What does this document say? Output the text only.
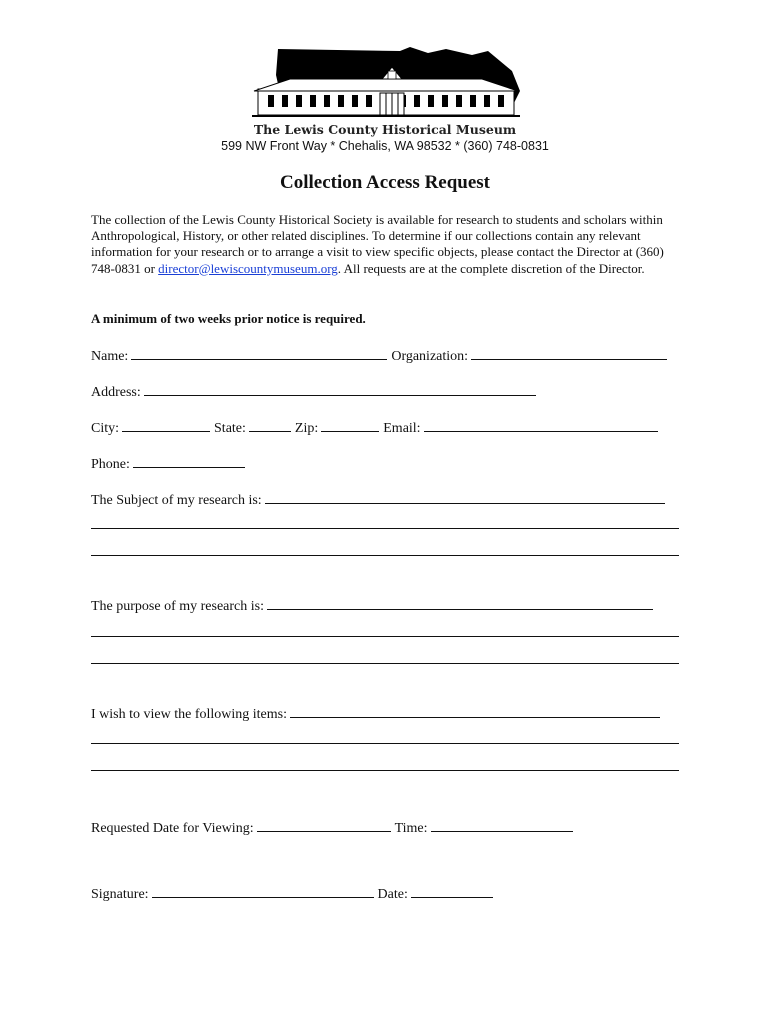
The Lewis County Historical Museum
599 NW Front Way * Chehalis, WA 98532 * (360) 748-0831
Collection Access Request

The collection of the Lewis County Historical Society is available for research to students and scholars within Anthropological, History, or other related disciplines. To determine if our collections contain any relevant information for your research or to arrange a visit to view specific objects, please contact the Director at (360) 748-0831 or director@lewiscountymuseum.org. All requests are at the complete discretion of the Director.

A minimum of two weeks prior notice is required.

Name:	Organization:
Address:
City:	State:	Zip:	Email:
Phone:
The Subject of my research is:
The purpose of my research is:
I wish to view the following items:
Requested Date for Viewing:	Time:
Signature:	Date:
